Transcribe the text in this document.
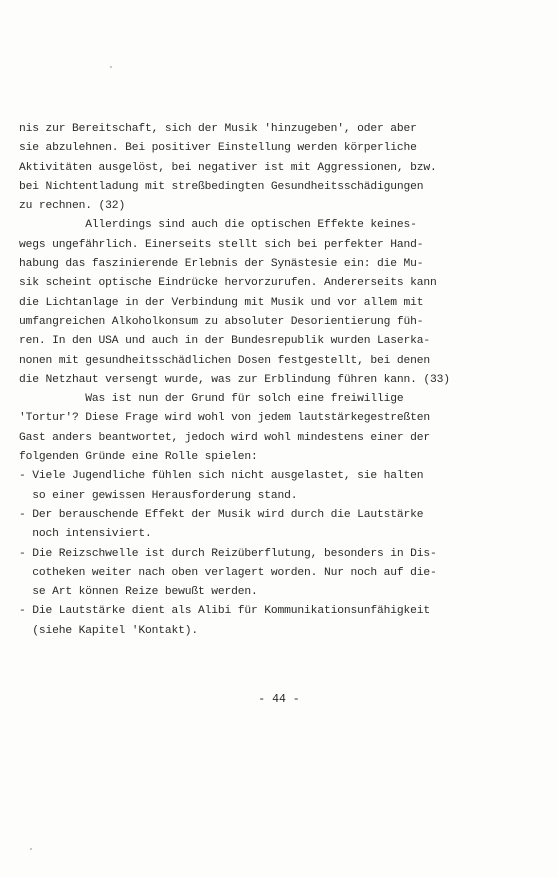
nis zur Bereitschaft, sich der Musik 'hinzugeben', oder aber
sie abzulehnen. Bei positiver Einstellung werden körperliche
Aktivitäten ausgelöst, bei negativer ist mit Aggressionen, bzw.
bei Nichtentladung mit streßbedingten Gesundheitsschädigungen
zu rechnen. (32)
Allerdings sind auch die optischen Effekte keines-
wegs ungefährlich. Einerseits stellt sich bei perfekter Hand-
habung das faszinierende Erlebnis der Synästesie ein: die Mu-
sik scheint optische Eindrücke hervorzurufen. Andererseits kann
die Lichtanlage in der Verbindung mit Musik und vor allem mit
umfangreichen Alkoholkonsum zu absoluter Desorientierung füh-
ren. In den USA und auch in der Bundesrepublik wurden Laserka-
nonen mit gesundheitsschädlichen Dosen festgestellt, bei denen
die Netzhaut versengt wurde, was zur Erblindung führen kann. (33)
Was ist nun der Grund für solch eine freiwillige
'Tortur'? Diese Frage wird wohl von jedem lautstärkegestreßten
Gast anders beantwortet, jedoch wird wohl mindestens einer der
folgenden Gründe eine Rolle spielen:
- Viele Jugendliche fühlen sich nicht ausgelastet, sie halten
so einer gewissen Herausforderung stand.
- Der berauschende Effekt der Musik wird durch die Lautstärke
noch intensiviert.
- Die Reizschwelle ist durch Reizüberflutung, besonders in Dis-
cotheken weiter nach oben verlagert worden. Nur noch auf die-
se Art können Reize bewußt werden.
- Die Lautstärke dient als Alibi für Kommunikationsunfähigkeit
(siehe Kapitel 'Kontakt).
- 44 -
